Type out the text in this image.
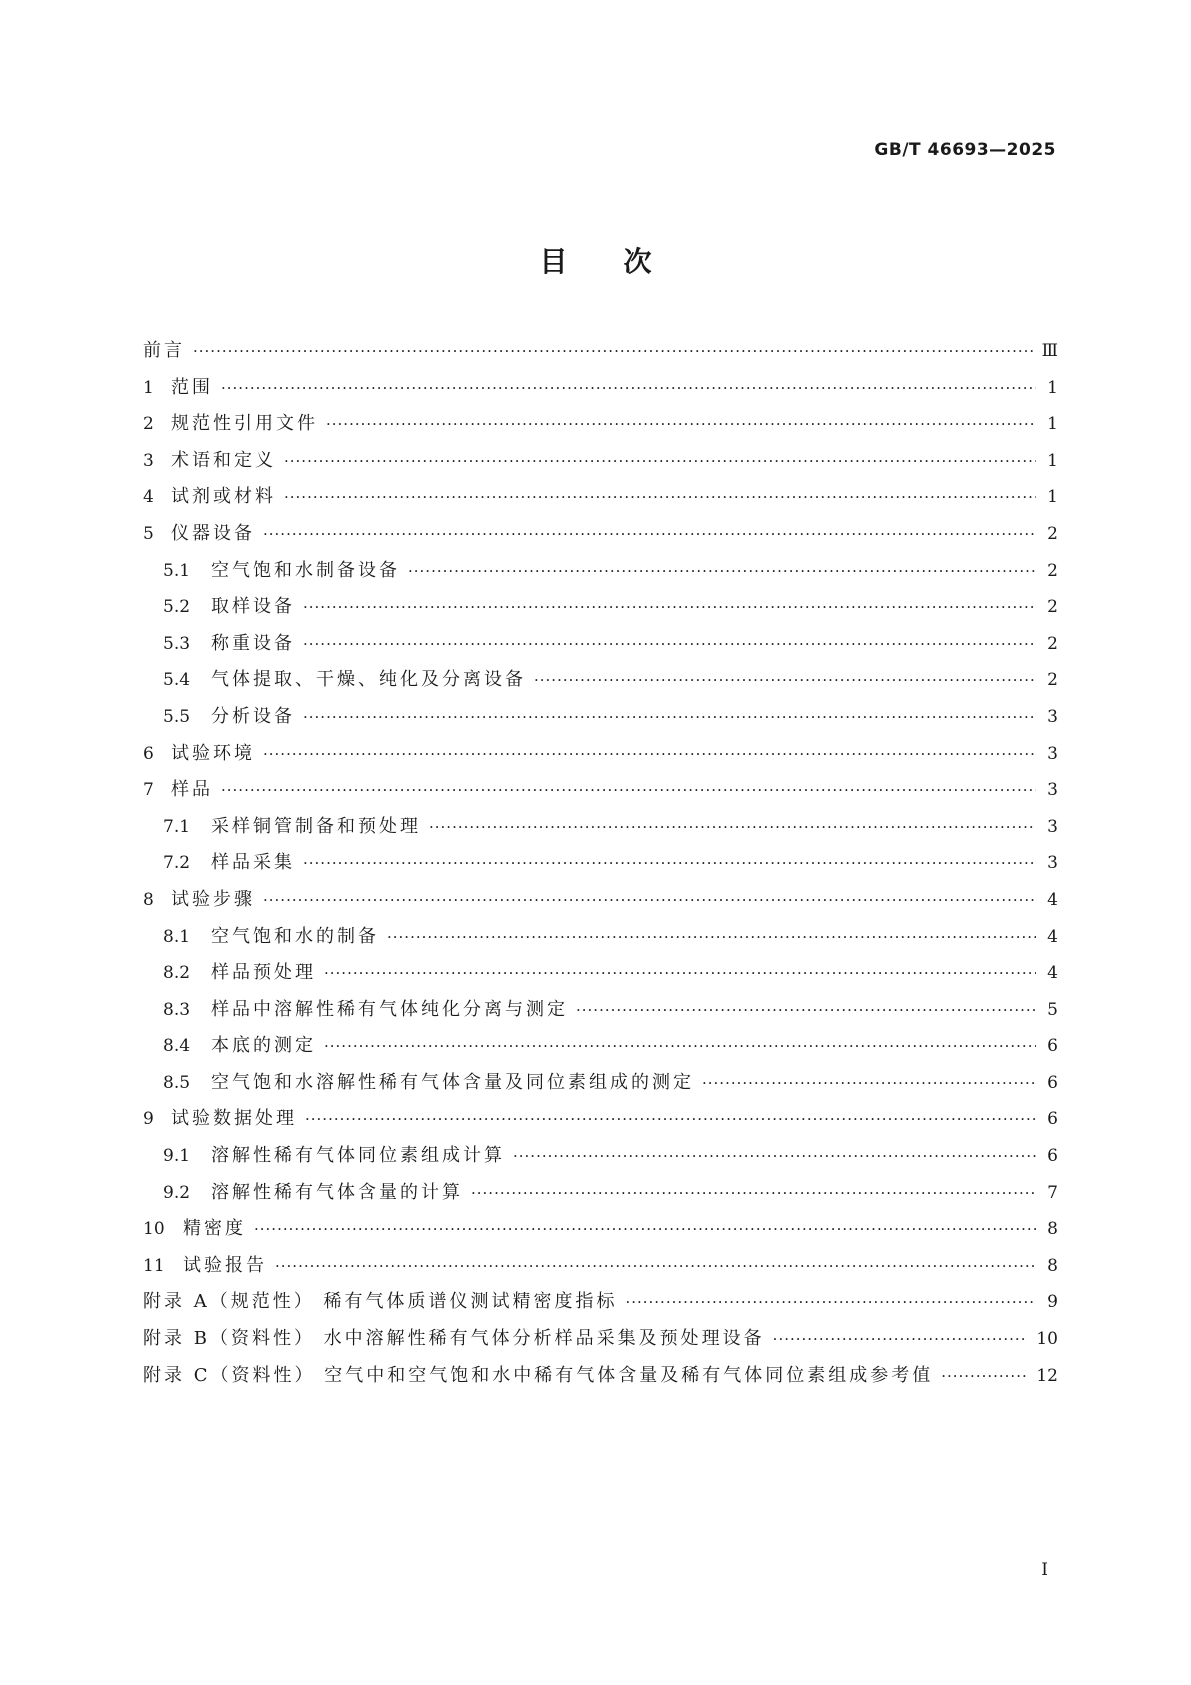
GB/T 46693—2025
目次
前言 ·····	Ⅲ
1 范围 ·····	1
2 规范性引用文件 ·····	1
3 术语和定义 ·····	1
4 试剂或材料 ·····	1
5 仪器设备 ·····	2
5.1	空气饱和水制备设备 ·····	2
5.2	取样设备 ·····	2
5.3	称重设备 ·····	2
5.4	气体提取、干燥、纯化及分离设备 ·····	2
5.5	分析设备 ·····	3
6 试验环境 ·····	3
7 样品 ·····	3
7.1	采样铜管制备和预处理 ·····	3
7.2	样品采集 ·····	3
8 试验步骤 ·····	4
8.1	空气饱和水的制备 ·····	4
8.2	样品预处理 ·····	4
8.3	样品中溶解性稀有气体纯化分离与测定 ·····	5
8.4	本底的测定 ·····	6
8.5	空气饱和水溶解性稀有气体含量及同位素组成的测定 ·····	6
9 试验数据处理 ·····	6
9.1	溶解性稀有气体同位素组成计算 ·····	6
9.2	溶解性稀有气体含量的计算 ·····	7
10	精密度 ·····	8
11	试验报告 ·····	8
附录 A（规范性） 稀有气体质谱仪测试精密度指标 ·····	9
附录 B（资料性） 水中溶解性稀有气体分析样品采集及预处理设备 ·····	10
附录 C（资料性） 空气中和空气饱和水中稀有气体含量及稀有气体同位素组成参考值 ·····	12
I
